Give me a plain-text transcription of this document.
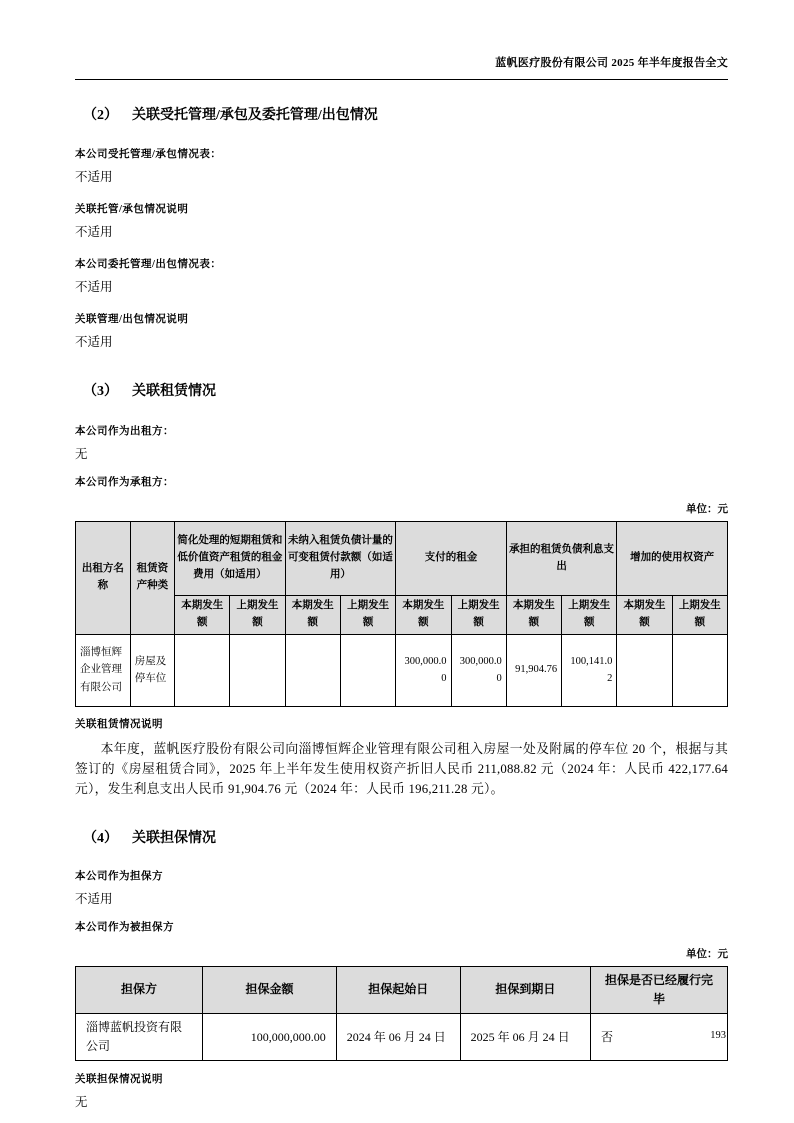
蓝帆医疗股份有限公司 2025 年半年度报告全文
（2） 关联受托管理/承包及委托管理/出包情况
本公司受托管理/承包情况表：
不适用
关联托管/承包情况说明
不适用
本公司委托管理/出包情况表：
不适用
关联管理/出包情况说明
不适用
（3） 关联租赁情况
本公司作为出租方：
无
本公司作为承租方：
单位：元
出租方名称	租赁资产种类	简化处理的短期租赁和低价值资产租赁的租金费用（如适用）		未纳入租赁负债计量的可变租赁付款额（如适用）		支付的租金		承担的租赁负债利息支出		增加的使用权资产	
		本期发生额	上期发生额	本期发生额	上期发生额	本期发生额	上期发生额	本期发生额	上期发生额	本期发生额	上期发生额
淄博恒辉企业管理有限公司	房屋及停车位					300,000.00	300,000.00	91,904.76	100,141.02		
关联租赁情况说明

本年度，蓝帆医疗股份有限公司向淄博恒辉企业管理有限公司租入房屋一处及附属的停车位 20 个，根据与其签订的《房屋租赁合同》，2025 年上半年发生使用权资产折旧人民币 211,088.82 元（2024 年：人民币 422,177.64 元），发生利息支出人民币 91,904.76 元（2024 年：人民币 196,211.28 元）。

（4） 关联担保情况
本公司作为担保方
不适用
本公司作为被担保方
单位：元
担保方	担保金额	担保起始日	担保到期日	担保是否已经履行完毕
淄博蓝帆投资有限公司	100,000,000.00	2024 年 06 月 24 日	2025 年 06 月 24 日	否
关联担保情况说明
无
193
